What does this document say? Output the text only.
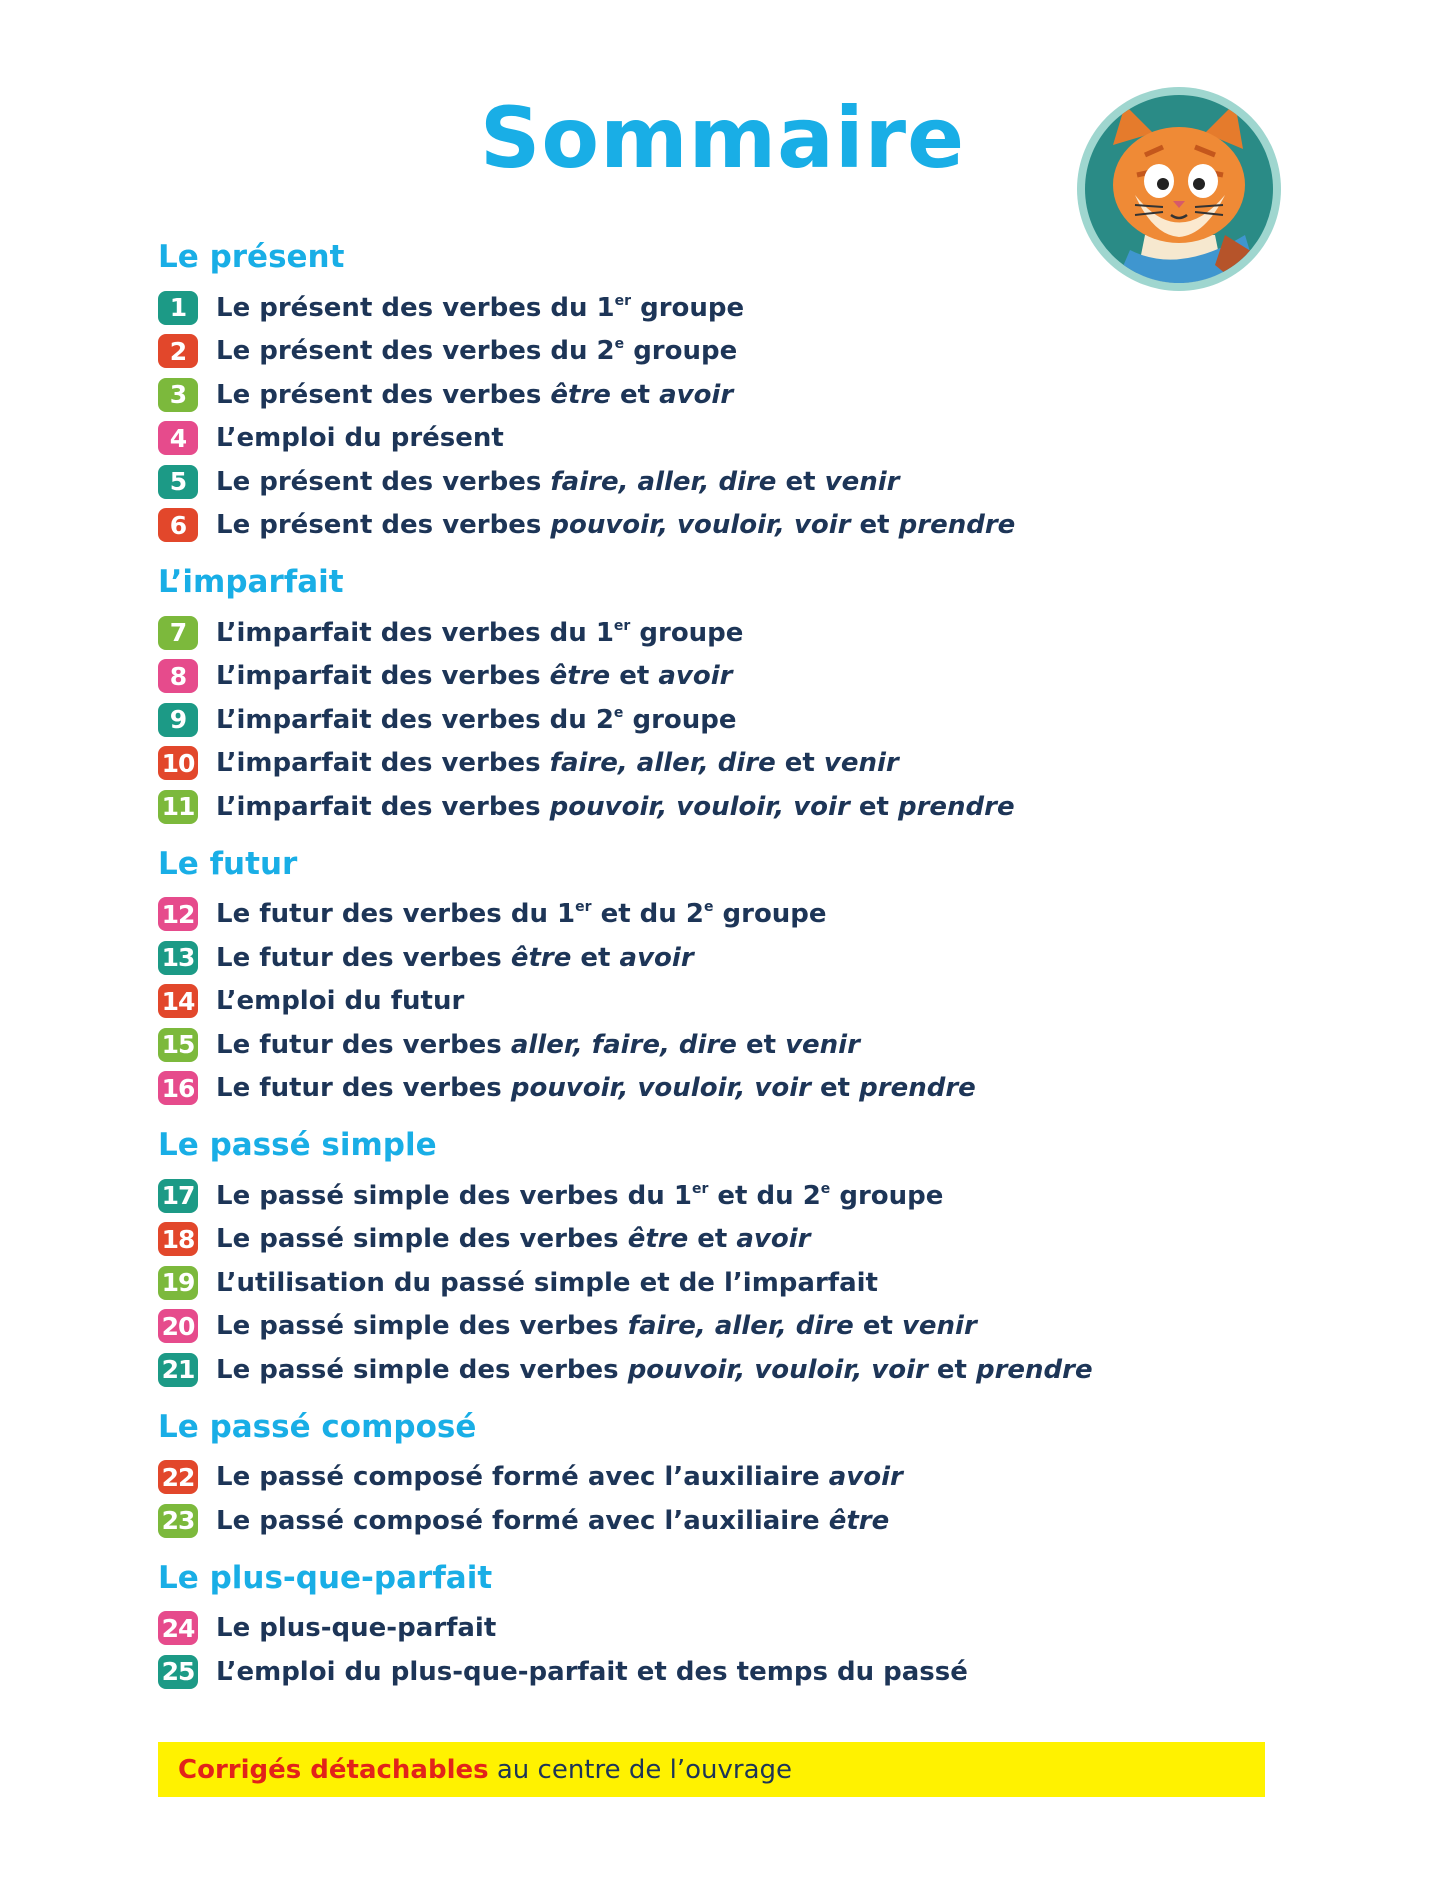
Sommaire
Le présent
1	Le présent des verbes du 1er groupe
2	Le présent des verbes du 2e groupe
3	Le présent des verbes être et avoir
4	L’emploi du présent
5	Le présent des verbes faire, aller, dire et venir
6	Le présent des verbes pouvoir, vouloir, voir et prendre
L’imparfait
7	L’imparfait des verbes du 1er groupe
8	L’imparfait des verbes être et avoir
9	L’imparfait des verbes du 2e groupe
10 L’imparfait des verbes faire, aller, dire et venir
11 L’imparfait des verbes pouvoir, vouloir, voir et prendre
Le futur
12 Le futur des verbes du 1er et du 2e groupe
13 Le futur des verbes être et avoir
14 L’emploi du futur
15 Le futur des verbes aller, faire, dire et venir
16 Le futur des verbes pouvoir, vouloir, voir et prendre
Le passé simple
17 Le passé simple des verbes du 1er et du 2e groupe
18 Le passé simple des verbes être et avoir
19 L’utilisation du passé simple et de l’imparfait
20 Le passé simple des verbes faire, aller, dire et venir
21 Le passé simple des verbes pouvoir, vouloir, voir et prendre
Le passé composé
22 Le passé composé formé avec l’auxiliaire avoir
23 Le passé composé formé avec l’auxiliaire être
Le plus-que-parfait
24 Le plus-que-parfait
25 L’emploi du plus-que-parfait et des temps du passé
Corrigés détachables au centre de l’ouvrage
